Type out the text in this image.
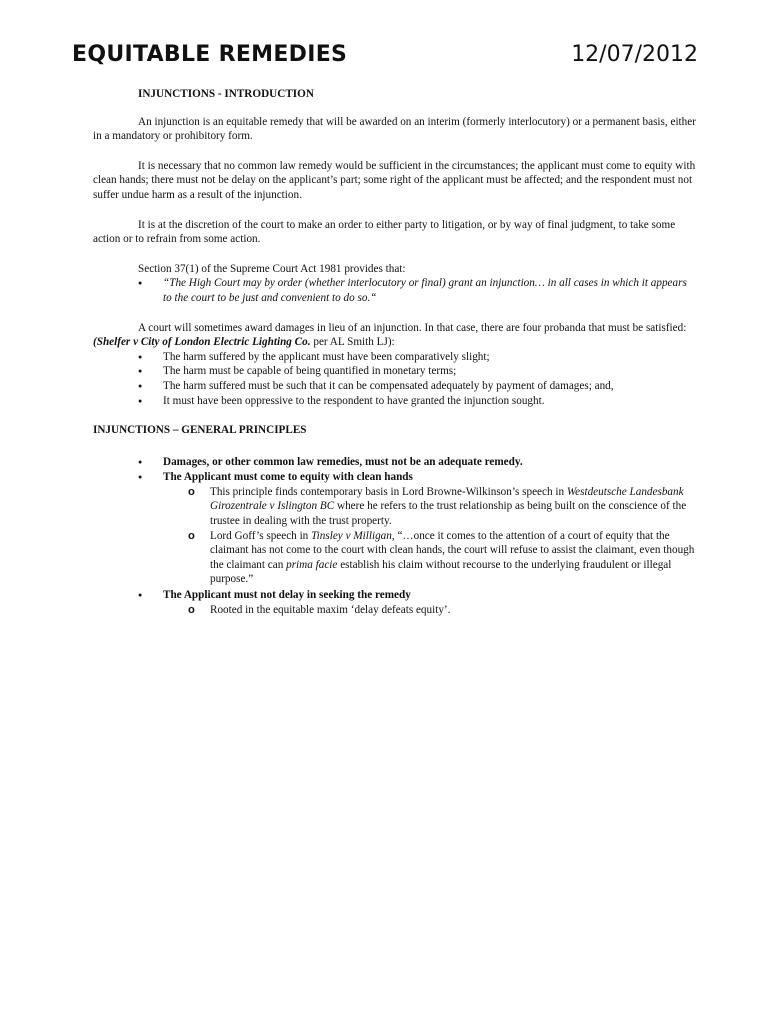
EQUITABLE REMEDIES	12/07/2012
INJUNCTIONS - INTRODUCTION

An injunction is an equitable remedy that will be awarded on an interim (formerly interlocutory) or a permanent basis, either in a mandatory or prohibitory form.

It is necessary that no common law remedy would be sufficient in the circumstances; the applicant must come to equity with clean hands; there must not be delay on the applicant’s part; some right of the applicant must be affected; and the respondent must not suffer undue harm as a result of the injunction.

It is at the discretion of the court to make an order to either party to litigation, or by way of final judgment, to take some action or to refrain from some action.

Section 37(1) of the Supreme Court Act 1981 provides that:

● “The High Court may by order (whether interlocutory or final) grant an injunction… in all cases in which it appears to the court to be just and convenient to do so.“

A court will sometimes award damages in lieu of an injunction. In that case, there are four probanda that must be satisfied: (Shelfer v City of London Electric Lighting Co. per AL Smith LJ):

● The harm suffered by the applicant must have been comparatively slight;
● The harm must be capable of being quantified in monetary terms;
● The harm suffered must be such that it can be compensated adequately by payment of damages; and,
● It must have been oppressive to the respondent to have granted the injunction sought.
INJUNCTIONS – GENERAL PRINCIPLES
● Damages, or other common law remedies, must not be an adequate remedy.
● The Applicant must come to equity with clean hands
o This principle finds contemporary basis in Lord Browne-Wilkinson’s speech in Westdeutsche Landesbank Girozentrale v Islington BC where he refers to the trust relationship as being built on the conscience of the trustee in dealing with the trust property.
o Lord Goff’s speech in Tinsley v Milligan, “…once it comes to the attention of a court of equity that the claimant has not come to the court with clean hands, the court will refuse to assist the claimant, even though the claimant can prima facie establish his claim without recourse to the underlying fraudulent or illegal purpose.”
● The Applicant must not delay in seeking the remedy
o Rooted in the equitable maxim ‘delay defeats equity’.
